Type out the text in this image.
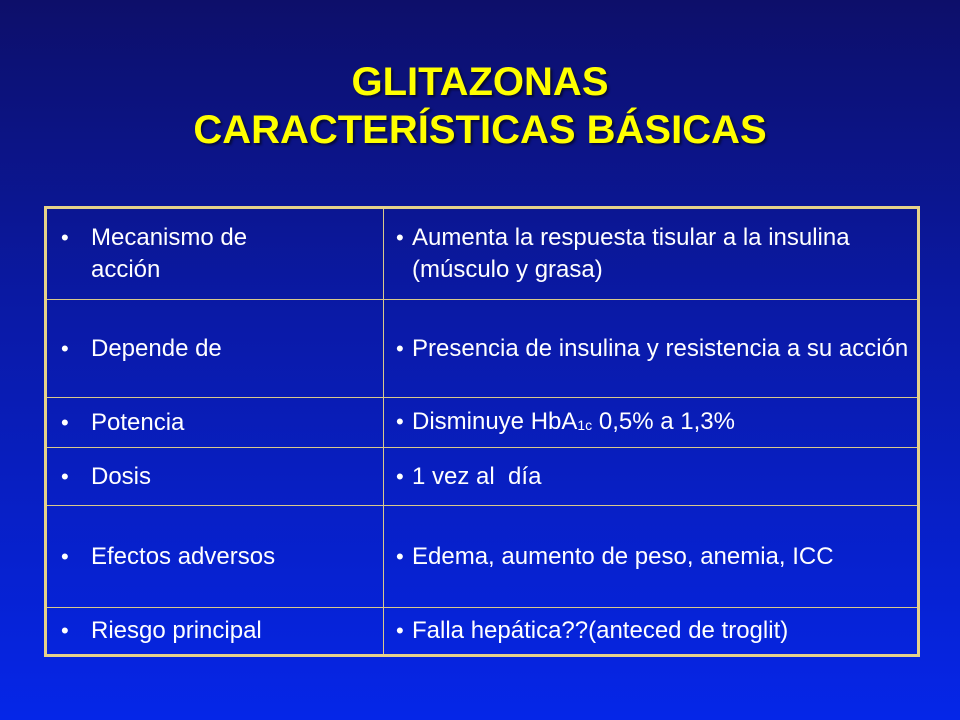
GLITAZONAS
CARACTERÍSTICAS BÁSICAS
• Mecanismo de acción	• Aumenta la respuesta tisular a la insulina (músculo y grasa)

• Depende de	• Presencia de insulina y resistencia a su acción

• Potencia	• Disminuye HbA$_{1c}$ 0,5% a 1,3%

• Dosis	• 1 vez al  día

• Efectos adversos	• Edema, aumento de peso, anemia, ICC

• Riesgo principal	• Falla hepática??(anteced de troglit)
